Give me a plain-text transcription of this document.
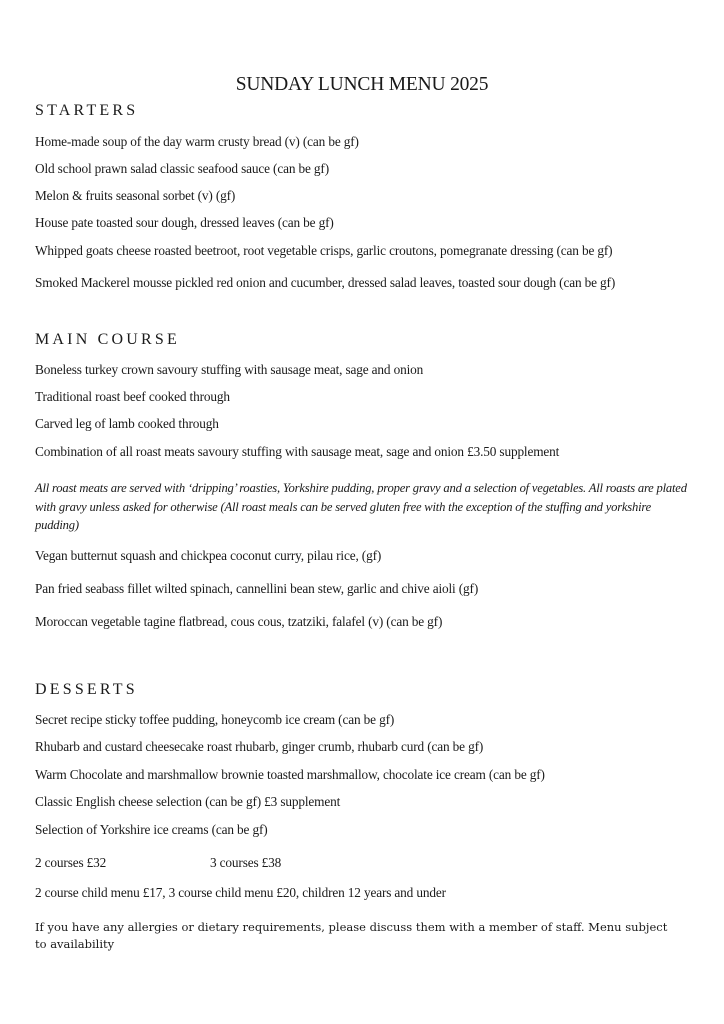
SUNDAY LUNCH MENU 2025
STARTERS
Home-made soup of the day warm crusty bread (v) (can be gf)
Old school prawn salad classic seafood sauce (can be gf)
Melon & fruits seasonal sorbet (v) (gf)
House pate toasted sour dough, dressed leaves (can be gf)
Whipped goats cheese roasted beetroot, root vegetable crisps, garlic croutons, pomegranate dressing (can be gf)
Smoked Mackerel mousse pickled red onion and cucumber, dressed salad leaves, toasted sour dough (can be gf)
MAIN COURSE
Boneless turkey crown savoury stuffing with sausage meat, sage and onion
Traditional roast beef cooked through
Carved leg of lamb cooked through
Combination of all roast meats savoury stuffing with sausage meat, sage and onion £3.50 supplement
All roast meats are served with ‘dripping’ roasties, Yorkshire pudding, proper gravy and a selection of vegetables. All roasts are plated with gravy unless asked for otherwise (All roast meals can be served gluten free with the exception of the stuffing and yorkshire pudding)
Vegan butternut squash and chickpea coconut curry, pilau rice, (gf)
Pan fried seabass fillet wilted spinach, cannellini bean stew, garlic and chive aioli (gf)
Moroccan vegetable tagine flatbread, cous cous, tzatziki, falafel (v) (can be gf)
DESSERTS
Secret recipe sticky toffee pudding, honeycomb ice cream (can be gf)
Rhubarb and custard cheesecake roast rhubarb, ginger crumb, rhubarb curd (can be gf)
Warm Chocolate and marshmallow brownie toasted marshmallow, chocolate ice cream (can be gf)
Classic English cheese selection (can be gf) £3 supplement
Selection of Yorkshire ice creams (can be gf)
2 courses £32	3 courses £38
2 course child menu £17, 3 course child menu £20, children 12 years and under
If you have any allergies or dietary requirements, please discuss them with a member of staff. Menu subject to availability
